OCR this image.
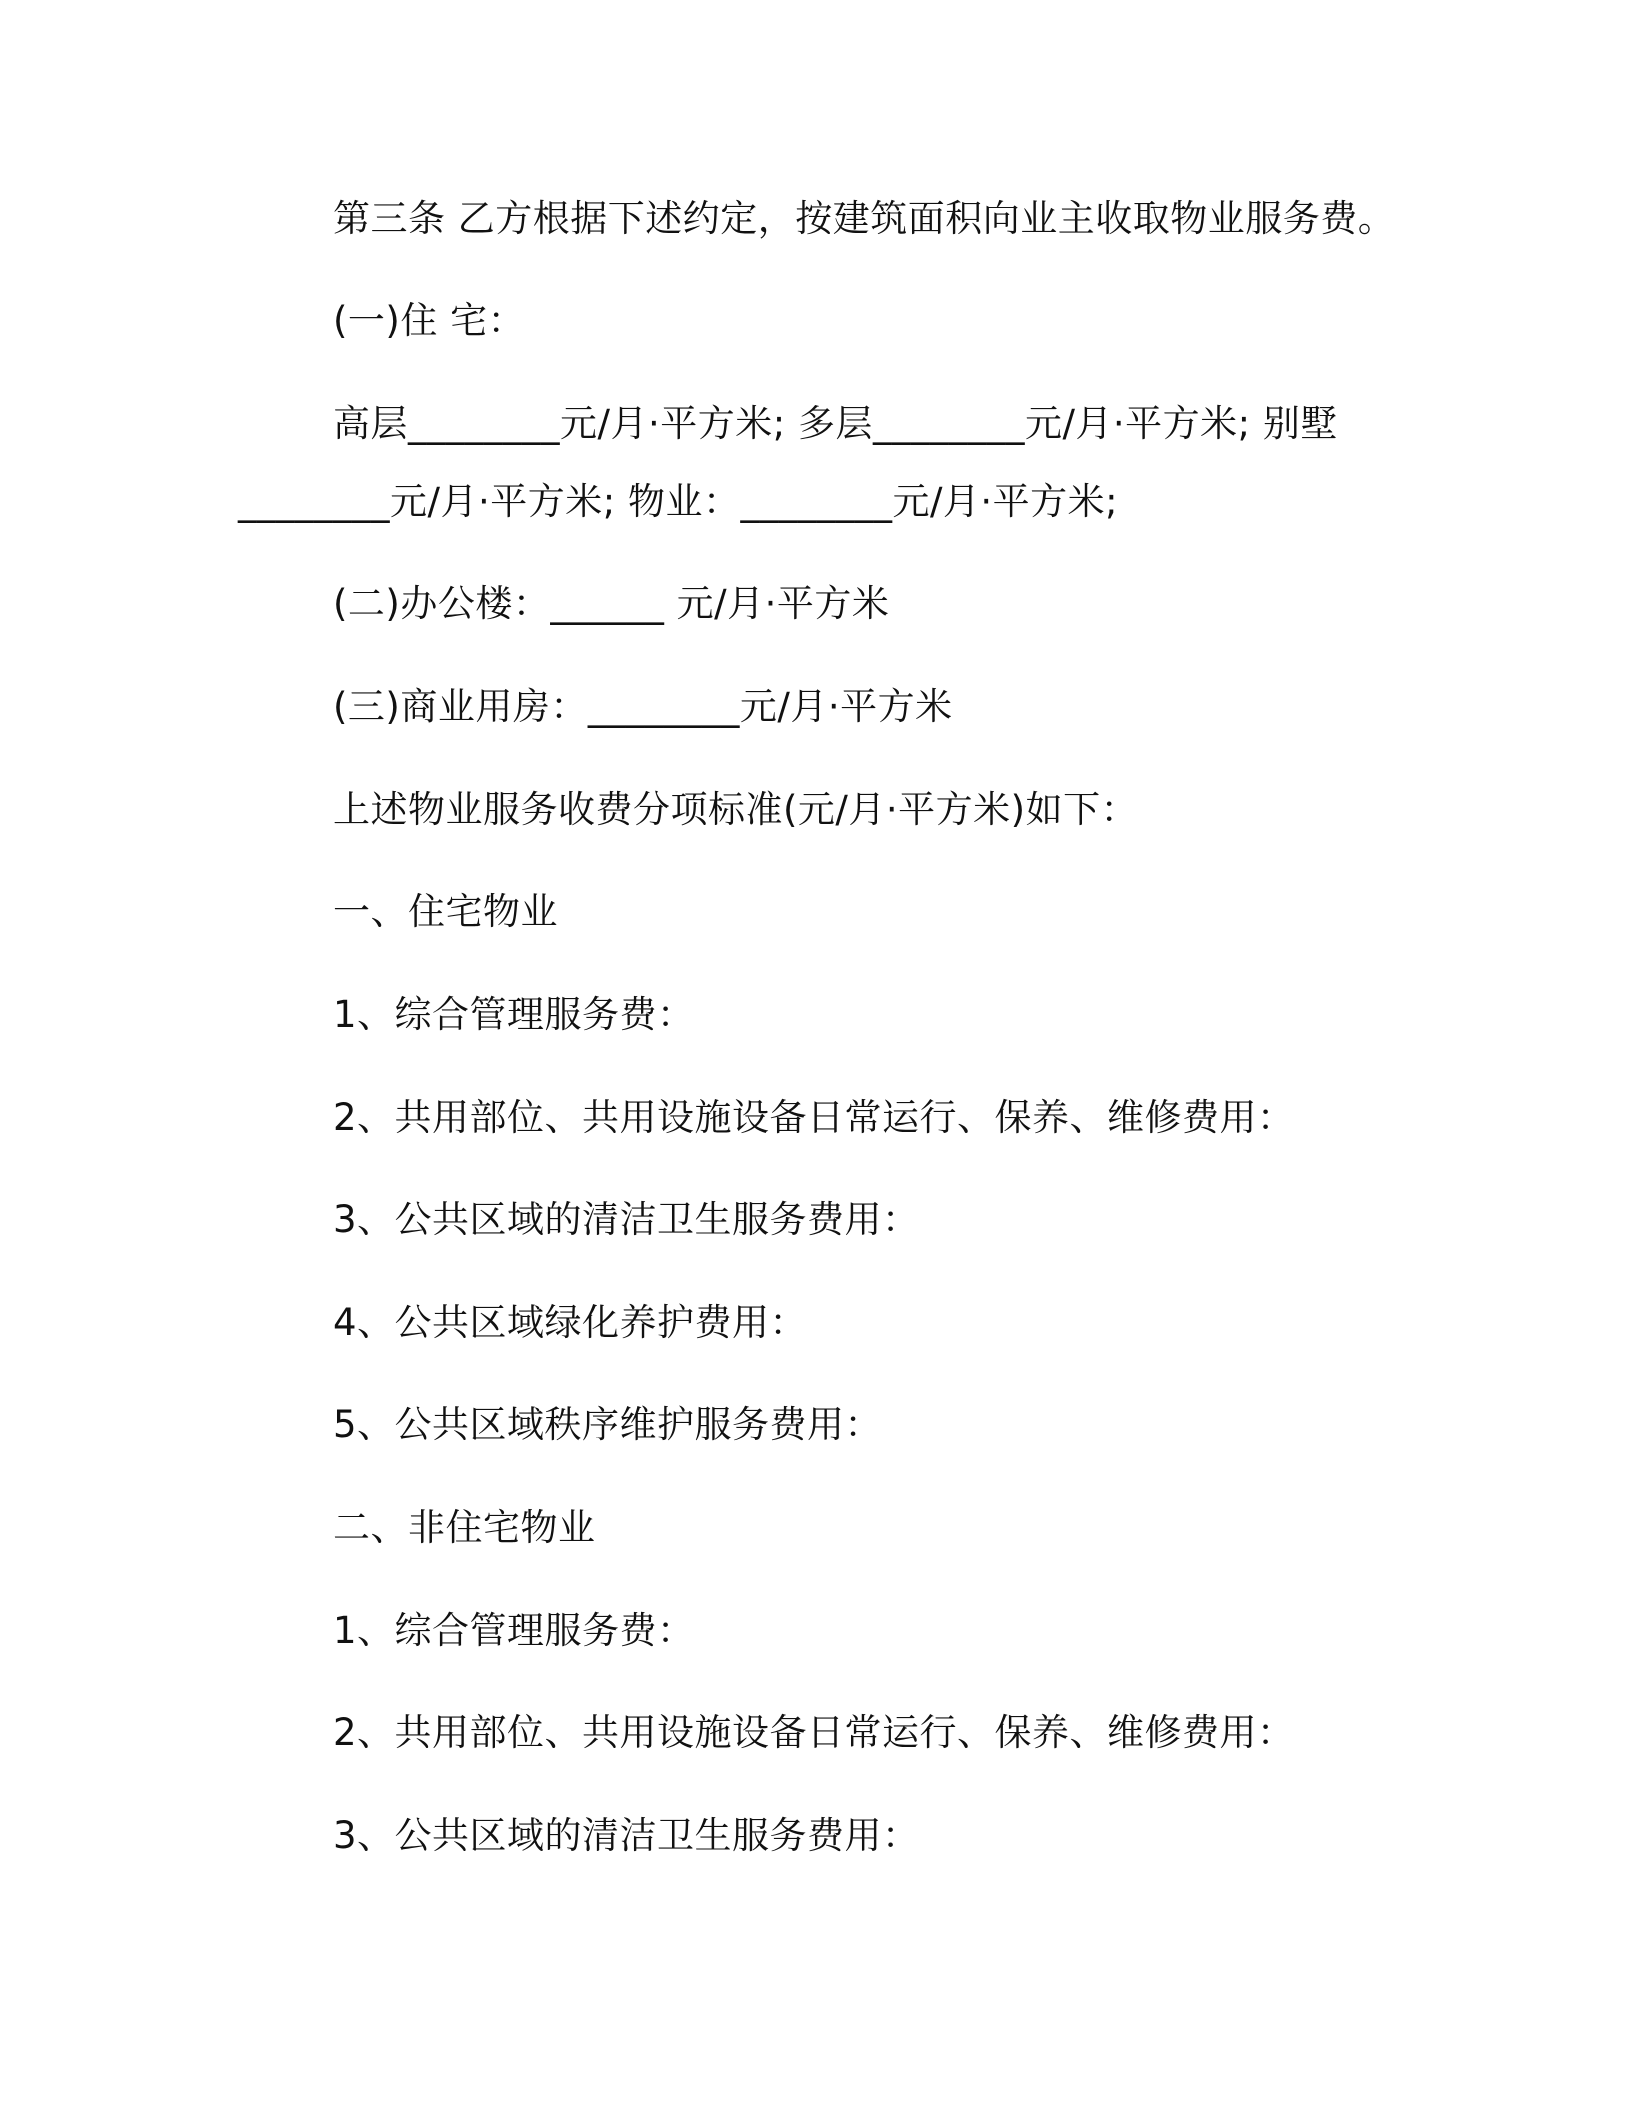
第三条 乙方根据下述约定，按建筑面积向业主收取物业服务费。
(一)住 宅：
高层________元/月·平方米; 多层________元/月·平方米; 别墅
________元/月·平方米; 物业：________元/月·平方米;
(二)办公楼：______ 元/月·平方米
(三)商业用房：________元/月·平方米
上述物业服务收费分项标准(元/月·平方米)如下：
一、住宅物业
1、综合管理服务费：
2、共用部位、共用设施设备日常运行、保养、维修费用：
3、公共区域的清洁卫生服务费用：
4、公共区域绿化养护费用：
5、公共区域秩序维护服务费用：
二、非住宅物业
1、综合管理服务费：
2、共用部位、共用设施设备日常运行、保养、维修费用：
3、公共区域的清洁卫生服务费用：
